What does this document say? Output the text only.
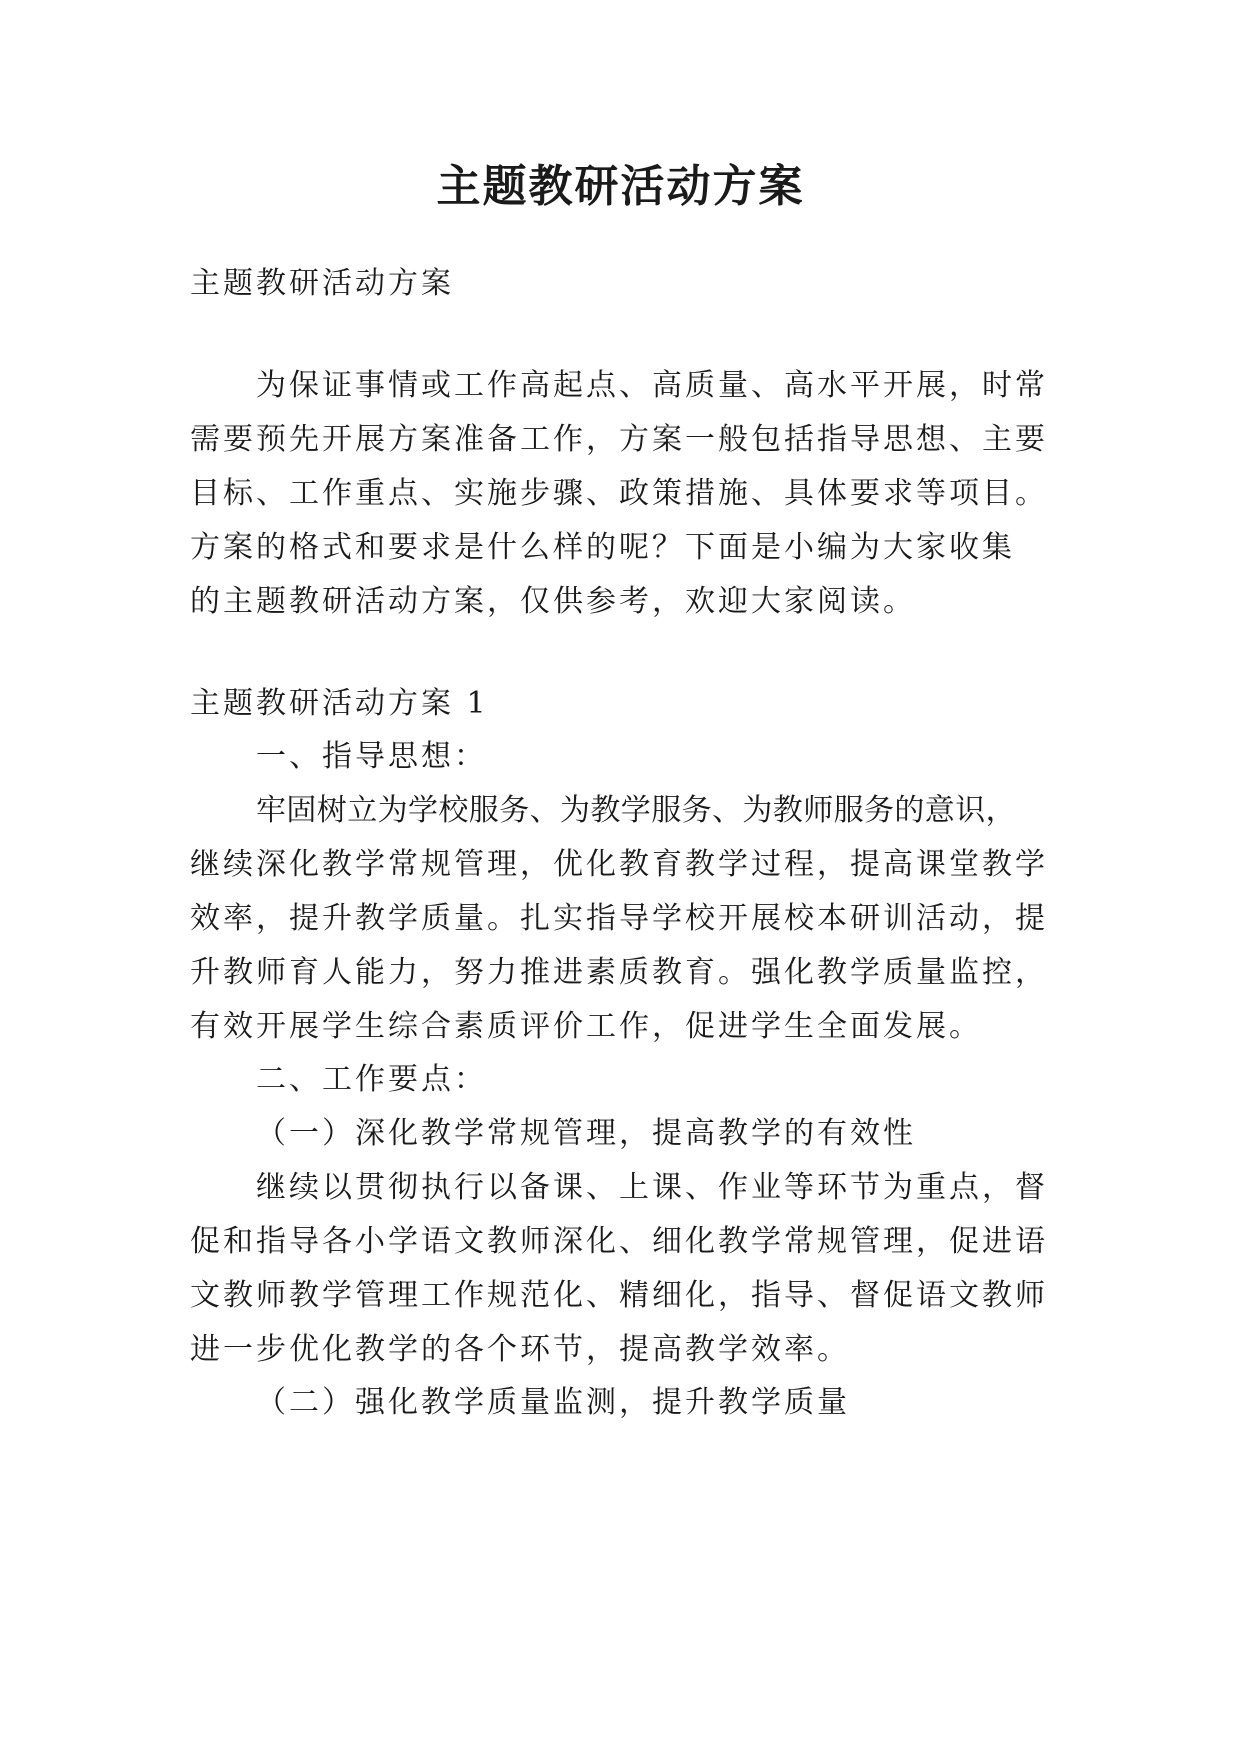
主题教研活动方案

主题教研活动方案

为保证事情或工作高起点、高质量、高水平开展，时常

需要预先开展方案准备工作，方案一般包括指导思想、主要

目标、工作重点、实施步骤、政策措施、具体要求等项目。

方案的格式和要求是什么样的呢？下面是小编为大家收集

的主题教研活动方案，仅供参考，欢迎大家阅读。

主题教研活动方案 1

一、指导思想：

牢固树立为学校服务、为教学服务、为教师服务的意识，

继续深化教学常规管理，优化教育教学过程，提高课堂教学

效率，提升教学质量。扎实指导学校开展校本研训活动，提

升教师育人能力，努力推进素质教育。强化教学质量监控，

有效开展学生综合素质评价工作，促进学生全面发展。

二、工作要点：

（一）深化教学常规管理，提高教学的有效性

继续以贯彻执行以备课、上课、作业等环节为重点，督

促和指导各小学语文教师深化、细化教学常规管理，促进语

文教师教学管理工作规范化、精细化，指导、督促语文教师

进一步优化教学的各个环节，提高教学效率。

（二）强化教学质量监测，提升教学质量
